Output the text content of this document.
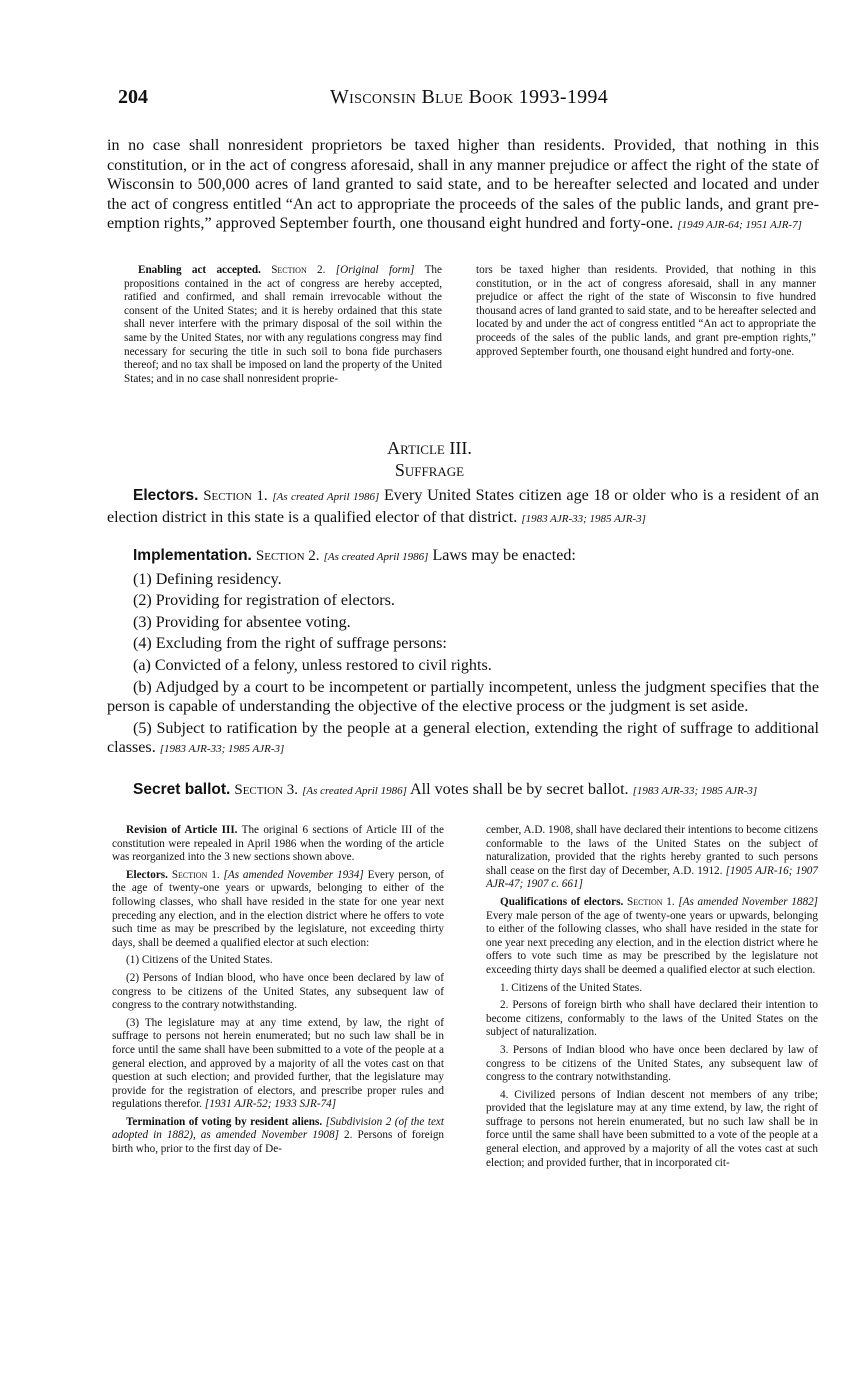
204	Wisconsin Blue Book 1993-1994
in no case shall nonresident proprietors be taxed higher than residents. Provided, that nothing in this constitution, or in the act of congress aforesaid, shall in any manner prejudice or affect the right of the state of Wisconsin to 500,000 acres of land granted to said state, and to be hereafter selected and located and under the act of congress entitled “An act to appropriate the proceeds of the sales of the public lands, and grant pre-emption rights,” approved September fourth, one thousand eight hundred and forty-one. [1949 AJR-64; 1951 AJR-7]

Enabling act accepted. Section 2. [Original form] The propositions contained in the act of congress are hereby accepted, ratified and confirmed, and shall remain irrevocable without the consent of the United States; and it is hereby ordained that this state shall never interfere with the primary disposal of the soil within the same by the United States, nor with any regulations congress may find necessary for securing the title in such soil to bona fide purchasers thereof; and no tax shall be imposed on land the property of the United States; and in no case shall nonresident proprie-

tors be taxed higher than residents. Provided, that nothing in this constitution, or in the act of congress aforesaid, shall in any manner prejudice or affect the right of the state of Wisconsin to five hundred thousand acres of land granted to said state, and to be hereafter selected and located by and under the act of congress entitled “An act to appropriate the proceeds of the sales of the public lands, and grant pre-emption rights,” approved September fourth, one thousand eight hundred and forty-one.

Article III.
Suffrage
Electors. Section 1. [As created April 1986] Every United States citizen age 18 or older who is a resident of an election district in this state is a qualified elector of that district. [1983 AJR-33; 1985 AJR-3]

Implementation. Section 2. [As created April 1986] Laws may be enacted:

(1) Defining residency.

(2) Providing for registration of electors.

(3) Providing for absentee voting.

(4) Excluding from the right of suffrage persons:

(a) Convicted of a felony, unless restored to civil rights.

(b) Adjudged by a court to be incompetent or partially incompetent, unless the judgment specifies that the person is capable of understanding the objective of the elective process or the judgment is set aside.

(5) Subject to ratification by the people at a general election, extending the right of suffrage to additional classes. [1983 AJR-33; 1985 AJR-3]

Secret ballot. Section 3. [As created April 1986] All votes shall be by secret ballot. [1983 AJR-33; 1985 AJR-3]

Revision of Article III. The original 6 sections of Article III of the constitution were repealed in April 1986 when the wording of the article was reorganized into the 3 new sections shown above.

Electors. Section 1. [As amended November 1934] Every person, of the age of twenty-one years or upwards, belonging to either of the following classes, who shall have resided in the state for one year next preceding any election, and in the election district where he offers to vote such time as may be prescribed by the legislature, not exceeding thirty days, shall be deemed a qualified elector at such election:

(1) Citizens of the United States.

(2) Persons of Indian blood, who have once been declared by law of congress to be citizens of the United States, any subsequent law of congress to the contrary notwithstanding.

(3) The legislature may at any time extend, by law, the right of suffrage to persons not herein enumerated; but no such law shall be in force until the same shall have been submitted to a vote of the people at a general election, and approved by a majority of all the votes cast on that question at such election; and provided further, that the legislature may provide for the registration of electors, and prescribe proper rules and regulations therefor. [1931 AJR-52; 1933 SJR-74]

Termination of voting by resident aliens. [Subdivision 2 (of the text adopted in 1882), as amended November 1908] 2. Persons of foreign birth who, prior to the first day of De-

cember, A.D. 1908, shall have declared their intentions to become citizens conformable to the laws of the United States on the subject of naturalization, provided that the rights hereby granted to such persons shall cease on the first day of December, A.D. 1912. [1905 AJR-16; 1907 AJR-47; 1907 c. 661]

Qualifications of electors. Section 1. [As amended November 1882] Every male person of the age of twenty-one years or upwards, belonging to either of the following classes, who shall have resided in the state for one year next preceding any election, and in the election district where he offers to vote such time as may be prescribed by the legislature not exceeding thirty days shall be deemed a qualified elector at such election.

1. Citizens of the United States.

2. Persons of foreign birth who shall have declared their intention to become citizens, conformably to the laws of the United States on the subject of naturalization.

3. Persons of Indian blood who have once been declared by law of congress to be citizens of the United States, any subsequent law of congress to the contrary notwithstanding.

4. Civilized persons of Indian descent not members of any tribe; provided that the legislature may at any time extend, by law, the right of suffrage to persons not herein enumerated, but no such law shall be in force until the same shall have been submitted to a vote of the people at a general election, and approved by a majority of all the votes cast at such election; and provided further, that in incorporated cit-
